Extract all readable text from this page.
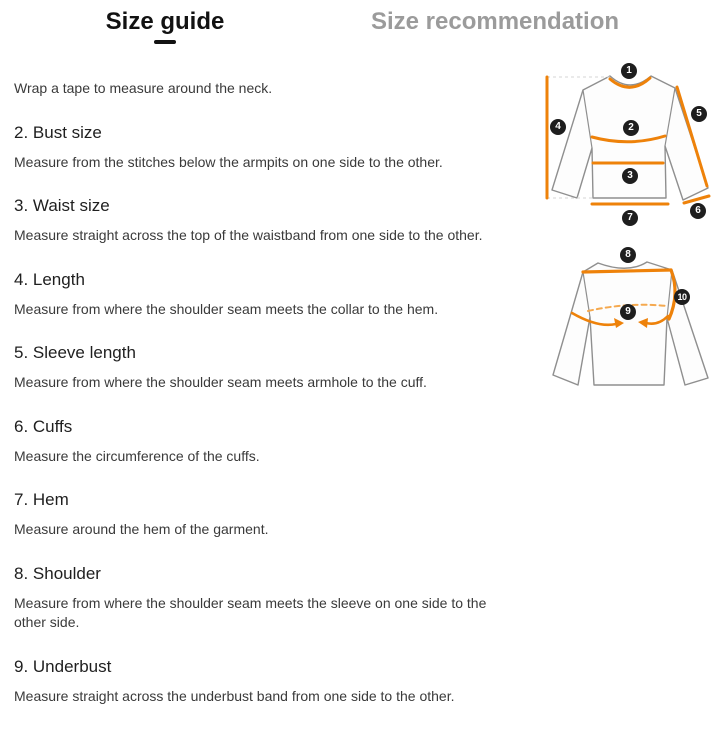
Size guide	Size recommendation

Wrap a tape to measure around the neck.

2. Bust size

Measure from the stitches below the armpits on one side to the other.

3. Waist size

Measure straight across the top of the waistband from one side to the other.

4. Length

Measure from where the shoulder seam meets the collar to the hem.

5. Sleeve length

Measure from where the shoulder seam meets armhole to the cuff.

6. Cuffs

Measure the circumference of the cuffs.

7. Hem

Measure around the hem of the garment.

8. Shoulder

Measure from where the shoulder seam meets the sleeve on one side to the other side.

9. Underbust

Measure straight across the underbust band from one side to the other.

1
2
3
4
5
6
7
8
9
10
